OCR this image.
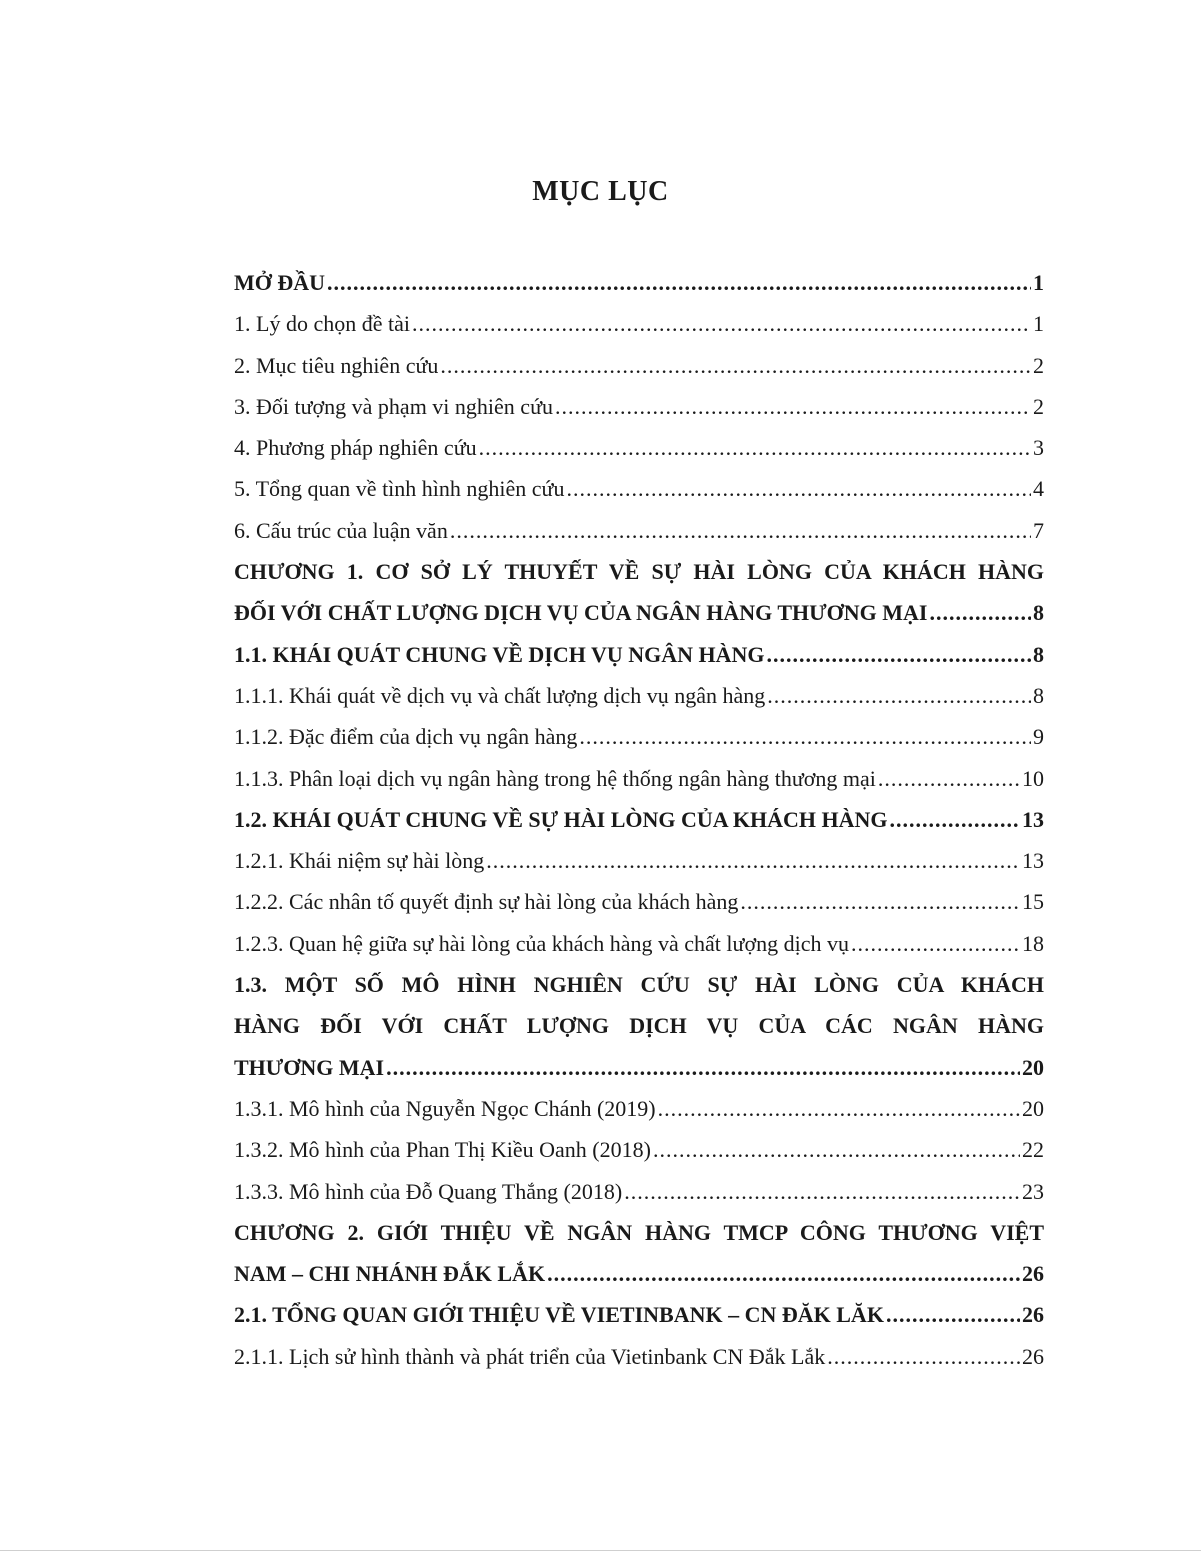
MỤC LỤC
MỞ ĐẦU .....	1
1. Lý do chọn đề tài .....	1
2. Mục tiêu nghiên cứu .....	2
3. Đối tượng và phạm vi nghiên cứu .....	2
4. Phương pháp nghiên cứu .....	3
5. Tổng quan về tình hình nghiên cứu .....	4
6. Cấu trúc của luận văn .....	7
CHƯƠNG 1. CƠ SỞ LÝ THUYẾT VỀ SỰ HÀI LÒNG CỦA KHÁCH HÀNG
ĐỐI VỚI CHẤT LƯỢNG DỊCH VỤ CỦA NGÂN HÀNG THƯƠNG MẠI .....	8
1.1. KHÁI QUÁT CHUNG VỀ DỊCH VỤ NGÂN HÀNG .....	8
1.1.1. Khái quát về dịch vụ và chất lượng dịch vụ ngân hàng .....	8
1.1.2. Đặc điểm của dịch vụ ngân hàng .....	9
1.1.3. Phân loại dịch vụ ngân hàng trong hệ thống ngân hàng thương mại .....	10
1.2. KHÁI QUÁT CHUNG VỀ SỰ HÀI LÒNG CỦA KHÁCH HÀNG .....	13
1.2.1. Khái niệm sự hài lòng .....	13
1.2.2. Các nhân tố quyết định sự hài lòng của khách hàng .....	15
1.2.3. Quan hệ giữa sự hài lòng của khách hàng và chất lượng dịch vụ .....	18
1.3. MỘT SỐ MÔ HÌNH NGHIÊN CỨU SỰ HÀI LÒNG CỦA KHÁCH
HÀNG ĐỐI VỚI CHẤT LƯỢNG DỊCH VỤ CỦA CÁC NGÂN HÀNG
THƯƠNG MẠI .....	20
1.3.1. Mô hình của Nguyễn Ngọc Chánh (2019) .....	20
1.3.2. Mô hình của Phan Thị Kiều Oanh (2018) .....	22
1.3.3. Mô hình của Đỗ Quang Thắng (2018) .....	23
CHƯƠNG 2. GIỚI THIỆU VỀ NGÂN HÀNG TMCP CÔNG THƯƠNG VIỆT
NAM – CHI NHÁNH ĐẮK LẮK .....	26
2.1. TỔNG QUAN GIỚI THIỆU VỀ VIETINBANK – CN ĐĂK LĂK .....	26
2.1.1. Lịch sử hình thành và phát triển của Vietinbank CN Đắk Lắk .....	26
